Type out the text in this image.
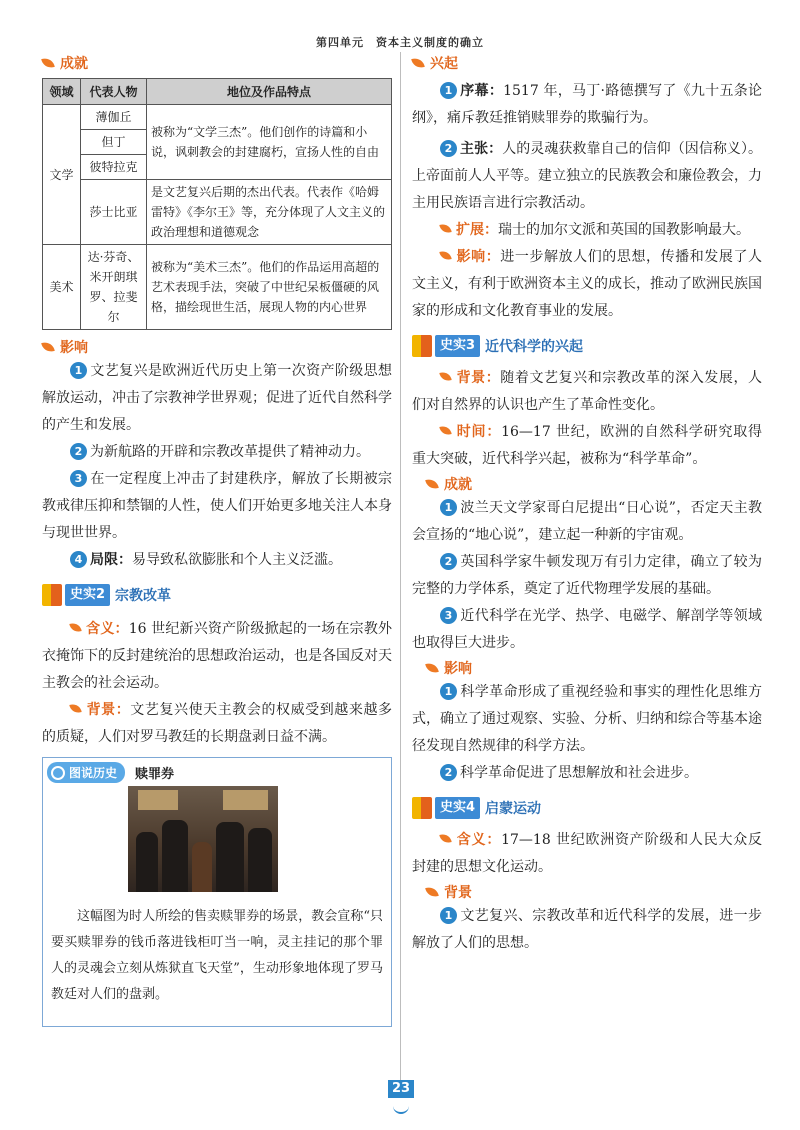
第四单元　资本主义制度的确立
成就
领域	代表人物	地位及作品特点
文学	薄伽丘
但丁
彼特拉克	被称为“文学三杰”。他们创作的诗篇和小说，讽刺教会的封建腐朽，宣扬人性的自由
	莎士比亚	是文艺复兴后期的杰出代表。代表作《哈姆雷特》《李尔王》等，充分体现了人文主义的政治理想和道德观念
美术	达·芬奇、米开朗琪罗、拉斐尔	被称为“美术三杰”。他们的作品运用高超的艺术表现手法，突破了中世纪呆板僵硬的风格，描绘现世生活，展现人物的内心世界
影响

1 文艺复兴是欧洲近代历史上第一次资产阶级思想解放运动，冲击了宗教神学世界观；促进了近代自然科学的产生和发展。

2 为新航路的开辟和宗教改革提供了精神动力。

3 在一定程度上冲击了封建秩序，解放了长期被宗教戒律压抑和禁锢的人性，使人们开始更多地关注人本身与现世世界。

4 局限：易导致私欲膨胀和个人主义泛滥。

史实2 宗教改革

含义：16 世纪新兴资产阶级掀起的一场在宗教外衣掩饰下的反封建统治的思想政治运动，也是各国反对天主教会的社会运动。

背景：文艺复兴使天主教会的权威受到越来越多的质疑，人们对罗马教廷的长期盘剥日益不满。

图说历史 赎罪券
这幅图为时人所绘的售卖赎罪券的场景，教会宣称“只要买赎罪券的钱币落进钱柜叮当一响，灵主挂记的那个罪人的灵魂会立刻从炼狱直飞天堂”，生动形象地体现了罗马教廷对人们的盘剥。
兴起

1 序幕：1517 年，马丁·路德撰写了《九十五条论纲》，痛斥教廷推销赎罪券的欺骗行为。

2 主张：人的灵魂获救靠自己的信仰（因信称义）。上帝面前人人平等。建立独立的民族教会和廉俭教会，力主用民族语言进行宗教活动。

扩展：瑞士的加尔文派和英国的国教影响最大。

影响：进一步解放人们的思想，传播和发展了人文主义，有利于欧洲资本主义的成长，推动了欧洲民族国家的形成和文化教育事业的发展。

史实3 近代科学的兴起

背景：随着文艺复兴和宗教改革的深入发展，人们对自然界的认识也产生了革命性变化。

时间：16—17 世纪，欧洲的自然科学研究取得重大突破，近代科学兴起，被称为“科学革命”。

成就

1 波兰天文学家哥白尼提出“日心说”，否定天主教会宣扬的“地心说”，建立起一种新的宇宙观。

2 英国科学家牛顿发现万有引力定律，确立了较为完整的力学体系，奠定了近代物理学发展的基础。

3 近代科学在光学、热学、电磁学、解剖学等领域也取得巨大进步。

影响

1 科学革命形成了重视经验和事实的理性化思维方式，确立了通过观察、实验、分析、归纳和综合等基本途径发现自然规律的科学方法。

2 科学革命促进了思想解放和社会进步。

史实4 启蒙运动

含义：17—18 世纪欧洲资产阶级和人民大众反封建的思想文化运动。

背景

1 文艺复兴、宗教改革和近代科学的发展，进一步解放了人们的思想。

23
